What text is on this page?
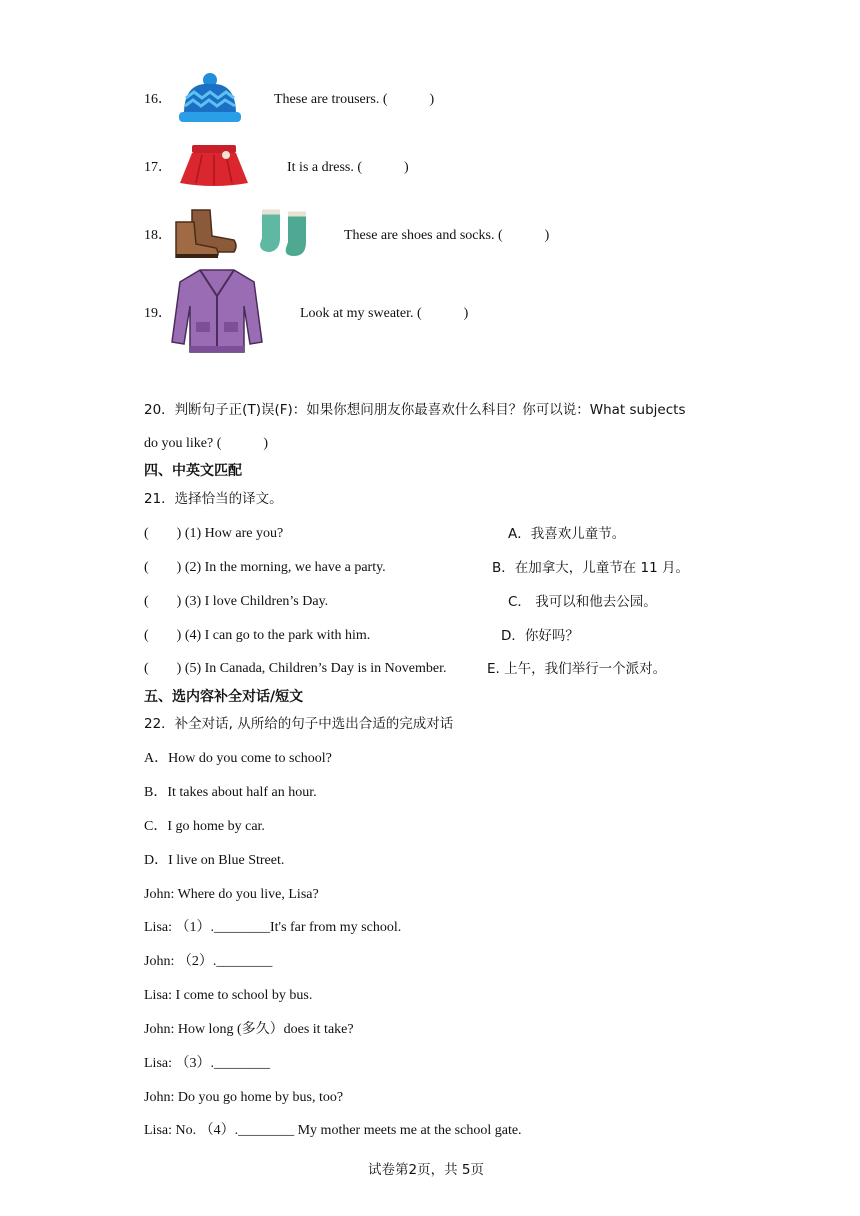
16．	These are trousers. (　　　)
17．	It is a dress. (　　　)
18．	These are shoes and socks. (　　　)
19．	Look at my sweater. (　　　)
20．判断句子正(T)误(F)：如果你想问朋友你最喜欢什么科目？你可以说：What subjects
do you like? (　　　)
四、中英文匹配
21．选择恰当的译文。
(　　) (1) How are you?	A．我喜欢儿童节。
(　　) (2) In the morning, we have a party.	B．在加拿大，儿童节在 11 月。
(　　) (3) I love Children’s Day.	C． 我可以和他去公园。
(　　) (4) I can go to the park with him.	D．你好吗？
(　　) (5) In Canada, Children’s Day is in November.	E. 上午，我们举行一个派对。
五、选内容补全对话/短文
22．补全对话, 从所给的句子中选出合适的完成对话
A．How do you come to school?
B．It takes about half an hour.
C．I go home by car.
D．I live on Blue Street.
John: Where do you live, Lisa?
Lisa: （1）.________It's far from my school.
John: （2）.________
Lisa: I come to school by bus.
John: How long (多久）does it take?
Lisa: （3）.________
John: Do you go home by bus, too?
Lisa: No. （4）.________ My mother meets me at the school gate.
试卷第2页，共 5页
